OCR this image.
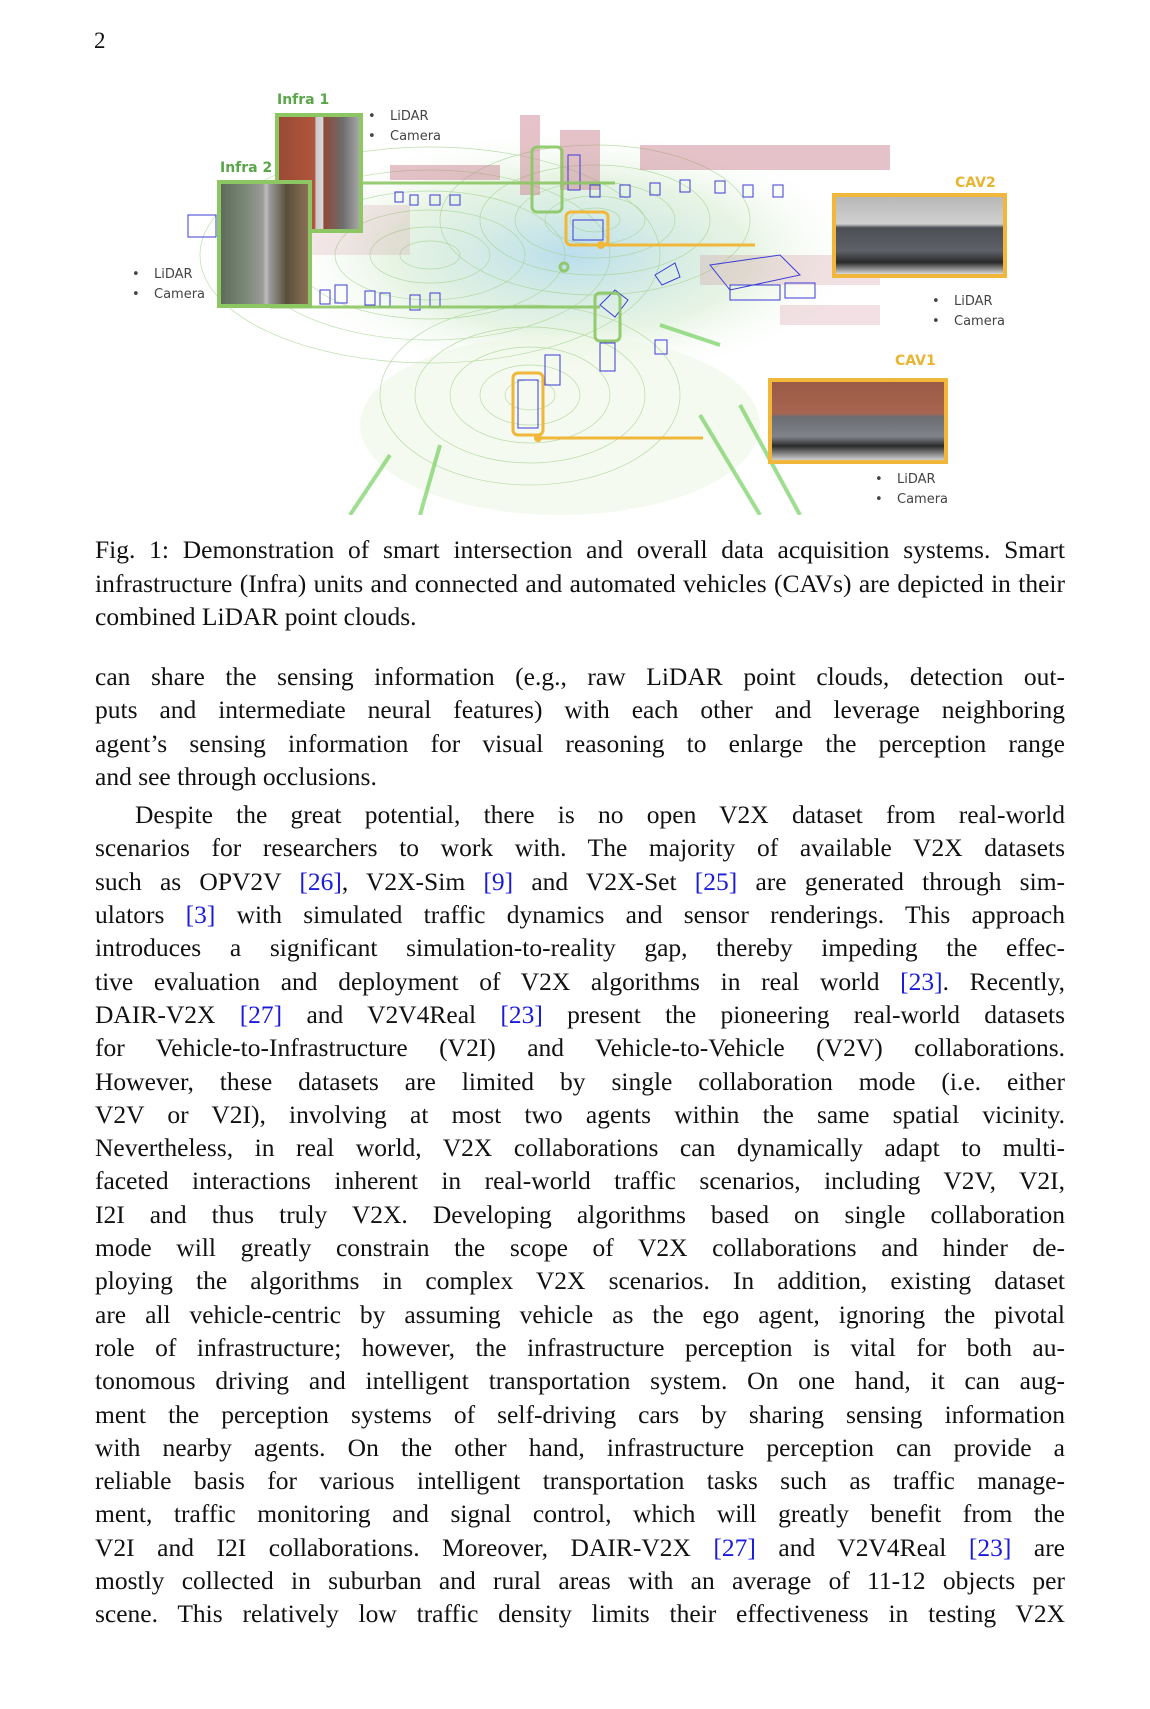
2
Infra 1
• LiDAR
• Camera
Infra 2
• LiDAR
• Camera
CAV2
• LiDAR
• Camera
CAV1
• LiDAR
• Camera
Fig. 1: Demonstration of smart intersection and overall data acquisition systems. Smart infrastructure (Infra) units and connected and automated vehicles (CAVs) are depicted in their combined LiDAR point clouds.
can share the sensing information (e.g., raw LiDAR point clouds, detection out-
puts and intermediate neural features) with each other and leverage neighboring
agent’s sensing information for visual reasoning to enlarge the perception range
and see through occlusions.
Despite the great potential, there is no open V2X dataset from real-world
scenarios for researchers to work with. The majority of available V2X datasets
such as OPV2V [26], V2X-Sim [9] and V2X-Set [25] are generated through sim-
ulators [3] with simulated traffic dynamics and sensor renderings. This approach
introduces a significant simulation-to-reality gap, thereby impeding the effec-
tive evaluation and deployment of V2X algorithms in real world [23]. Recently,
DAIR-V2X [27] and V2V4Real [23] present the pioneering real-world datasets
for Vehicle-to-Infrastructure (V2I) and Vehicle-to-Vehicle (V2V) collaborations.
However, these datasets are limited by single collaboration mode (i.e. either
V2V or V2I), involving at most two agents within the same spatial vicinity.
Nevertheless, in real world, V2X collaborations can dynamically adapt to multi-
faceted interactions inherent in real-world traffic scenarios, including V2V, V2I,
I2I and thus truly V2X. Developing algorithms based on single collaboration
mode will greatly constrain the scope of V2X collaborations and hinder de-
ploying the algorithms in complex V2X scenarios. In addition, existing dataset
are all vehicle-centric by assuming vehicle as the ego agent, ignoring the pivotal
role of infrastructure; however, the infrastructure perception is vital for both au-
tonomous driving and intelligent transportation system. On one hand, it can aug-
ment the perception systems of self-driving cars by sharing sensing information
with nearby agents. On the other hand, infrastructure perception can provide a
reliable basis for various intelligent transportation tasks such as traffic manage-
ment, traffic monitoring and signal control, which will greatly benefit from the
V2I and I2I collaborations. Moreover, DAIR-V2X [27] and V2V4Real [23] are
mostly collected in suburban and rural areas with an average of 11-12 objects per
scene. This relatively low traffic density limits their effectiveness in testing V2X
